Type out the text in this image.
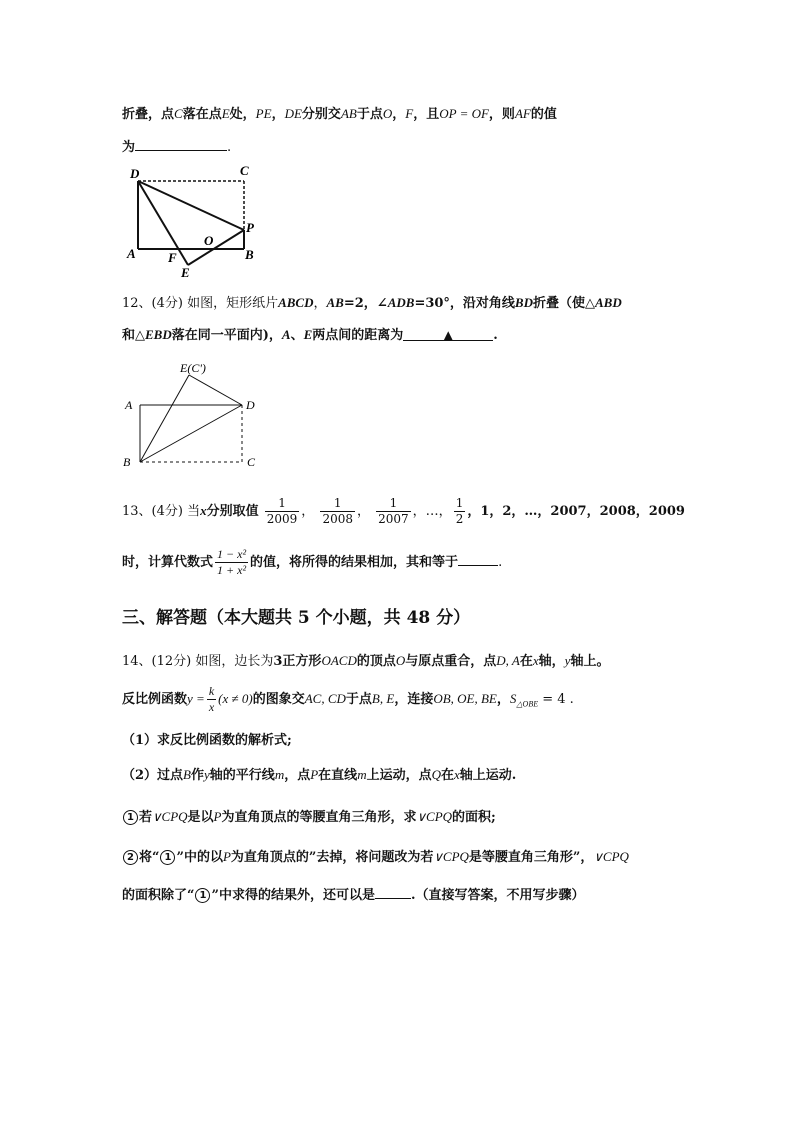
折叠，点C落在点E处，PE，DE分别交AB于点O，F，且OP = OF，则AF的值
为	.
D	C
P
O
A F	B
E
12、(4分) 如图，矩形纸片ABCD，AB=2，∠ADB=30°，沿对角线BD折叠（使△ABD
和△EBD落在同一平面内)，A、E两点间的距离为	▲	.
E(C')
A	D
B	C
13、(4分) 当x分别取值 $\frac{1}{2009}$ ， $\frac{1}{2008}$ ， $\frac{1}{2007}$ ，…， $\frac{1}{2}$ ，1，2，…，2007，2008，2009
时，计算代数式 $\frac{\text{1 − x²}}{\text{1 + x²}}$ 的值，将所得的结果相加，其和等于	.
三、解答题（本大题共 5 个小题，共 48 分）
14、(12分) 如图，边长为3正方形OACD的顶点O与原点重合，点D, A在x轴，y轴上。
反比例函数$y = \frac{k}{x} (x \ne 0)$的图象交AC, CD于点B, E，连接OB, OE, BE，$S_{\triangle OBE} = 4$ .
（1）求反比例函数的解析式;
（2）过点B作y轴的平行线m，点P在直线m上运动，点Q在x轴上运动.
1 若∨CPQ是以P为直角顶点的等腰直角三角形，求∨CPQ的面积;
2 将“ 1 ”中的以P为直角顶点的”去掉，将问题改为若∨CPQ是等腰直角三角形”，∨CPQ
的面积除了“ 1 ”中求得的结果外，还可以是	.（直接写答案，不用写步骤）
